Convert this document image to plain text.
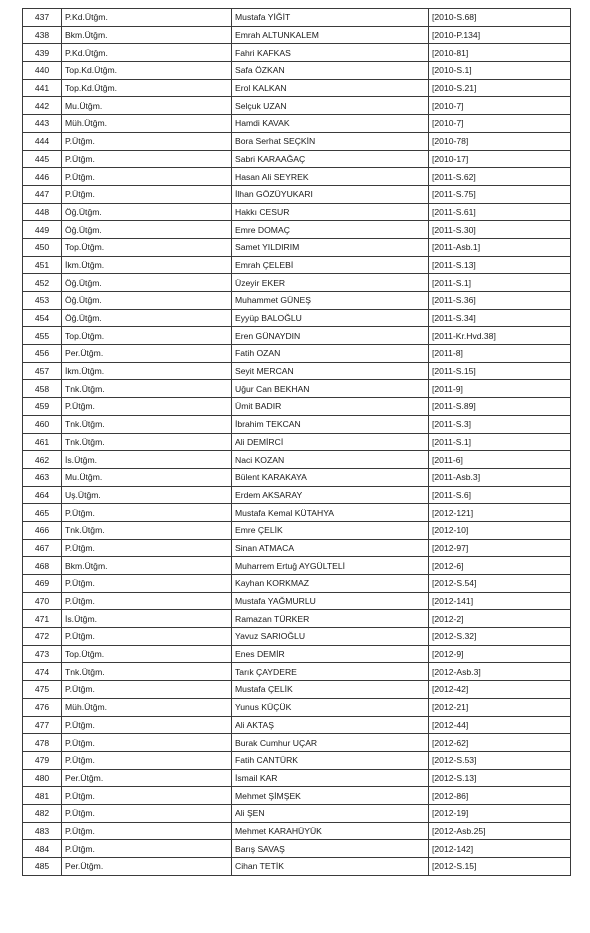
437	P.Kd.Ütğm.	Mustafa YİĞİT	[2010-S.68]
438	Bkm.Ütğm.	Emrah ALTUNKALEM	[2010-P.134]
439	P.Kd.Ütğm.	Fahri KAFKAS	[2010-81]
440	Top.Kd.Ütğm.	Safa ÖZKAN	[2010-S.1]
441	Top.Kd.Ütğm.	Erol KALKAN	[2010-S.21]
442	Mu.Ütğm.	Selçuk UZAN	[2010-7]
443	Müh.Ütğm.	Hamdi KAVAK	[2010-7]
444	P.Ütğm.	Bora Serhat SEÇKİN	[2010-78]
445	P.Ütğm.	Sabri KARAAĞAÇ	[2010-17]
446	P.Ütğm.	Hasan Ali SEYREK	[2011-S.62]
447	P.Ütğm.	İlhan GÖZÜYUKARI	[2011-S.75]
448	Öğ.Ütğm.	Hakkı CESUR	[2011-S.61]
449	Öğ.Ütğm.	Emre DOMAÇ	[2011-S.30]
450	Top.Ütğm.	Samet YILDIRIM	[2011-Asb.1]
451	İkm.Ütğm.	Emrah ÇELEBİ	[2011-S.13]
452	Öğ.Ütğm.	Üzeyir EKER	[2011-S.1]
453	Öğ.Ütğm.	Muhammet GÜNEŞ	[2011-S.36]
454	Öğ.Ütğm.	Eyyüp BALOĞLU	[2011-S.34]
455	Top.Ütğm.	Eren GÜNAYDIN	[2011-Kr.Hvd.38]
456	Per.Ütğm.	Fatih OZAN	[2011-8]
457	İkm.Ütğm.	Seyit MERCAN	[2011-S.15]
458	Tnk.Ütğm.	Uğur Can BEKHAN	[2011-9]
459	P.Ütğm.	Ümit BADIR	[2011-S.89]
460	Tnk.Ütğm.	İbrahim TEKCAN	[2011-S.3]
461	Tnk.Ütğm.	Ali DEMİRCİ	[2011-S.1]
462	İs.Ütğm.	Naci KOZAN	[2011-6]
463	Mu.Ütğm.	Bülent KARAKAYA	[2011-Asb.3]
464	Uş.Ütğm.	Erdem AKSARAY	[2011-S.6]
465	P.Ütğm.	Mustafa Kemal KÜTAHYA	[2012-121]
466	Tnk.Ütğm.	Emre ÇELİK	[2012-10]
467	P.Ütğm.	Sinan ATMACA	[2012-97]
468	Bkm.Ütğm.	Muharrem Ertuğ AYGÜLTELİ	[2012-6]
469	P.Ütğm.	Kayhan KORKMAZ	[2012-S.54]
470	P.Ütğm.	Mustafa YAĞMURLU	[2012-141]
471	İs.Ütğm.	Ramazan TÜRKER	[2012-2]
472	P.Ütğm.	Yavuz SARIOĞLU	[2012-S.32]
473	Top.Ütğm.	Enes DEMİR	[2012-9]
474	Tnk.Ütğm.	Tarık ÇAYDERE	[2012-Asb.3]
475	P.Ütğm.	Mustafa ÇELİK	[2012-42]
476	Müh.Ütğm.	Yunus KÜÇÜK	[2012-21]
477	P.Ütğm.	Ali AKTAŞ	[2012-44]
478	P.Ütğm.	Burak Cumhur UÇAR	[2012-62]
479	P.Ütğm.	Fatih CANTÜRK	[2012-S.53]
480	Per.Ütğm.	İsmail KAR	[2012-S.13]
481	P.Ütğm.	Mehmet ŞİMŞEK	[2012-86]
482	P.Ütğm.	Ali ŞEN	[2012-19]
483	P.Ütğm.	Mehmet KARAHÜYÜK	[2012-Asb.25]
484	P.Ütğm.	Barış SAVAŞ	[2012-142]
485	Per.Ütğm.	Cihan TETİK	[2012-S.15]
